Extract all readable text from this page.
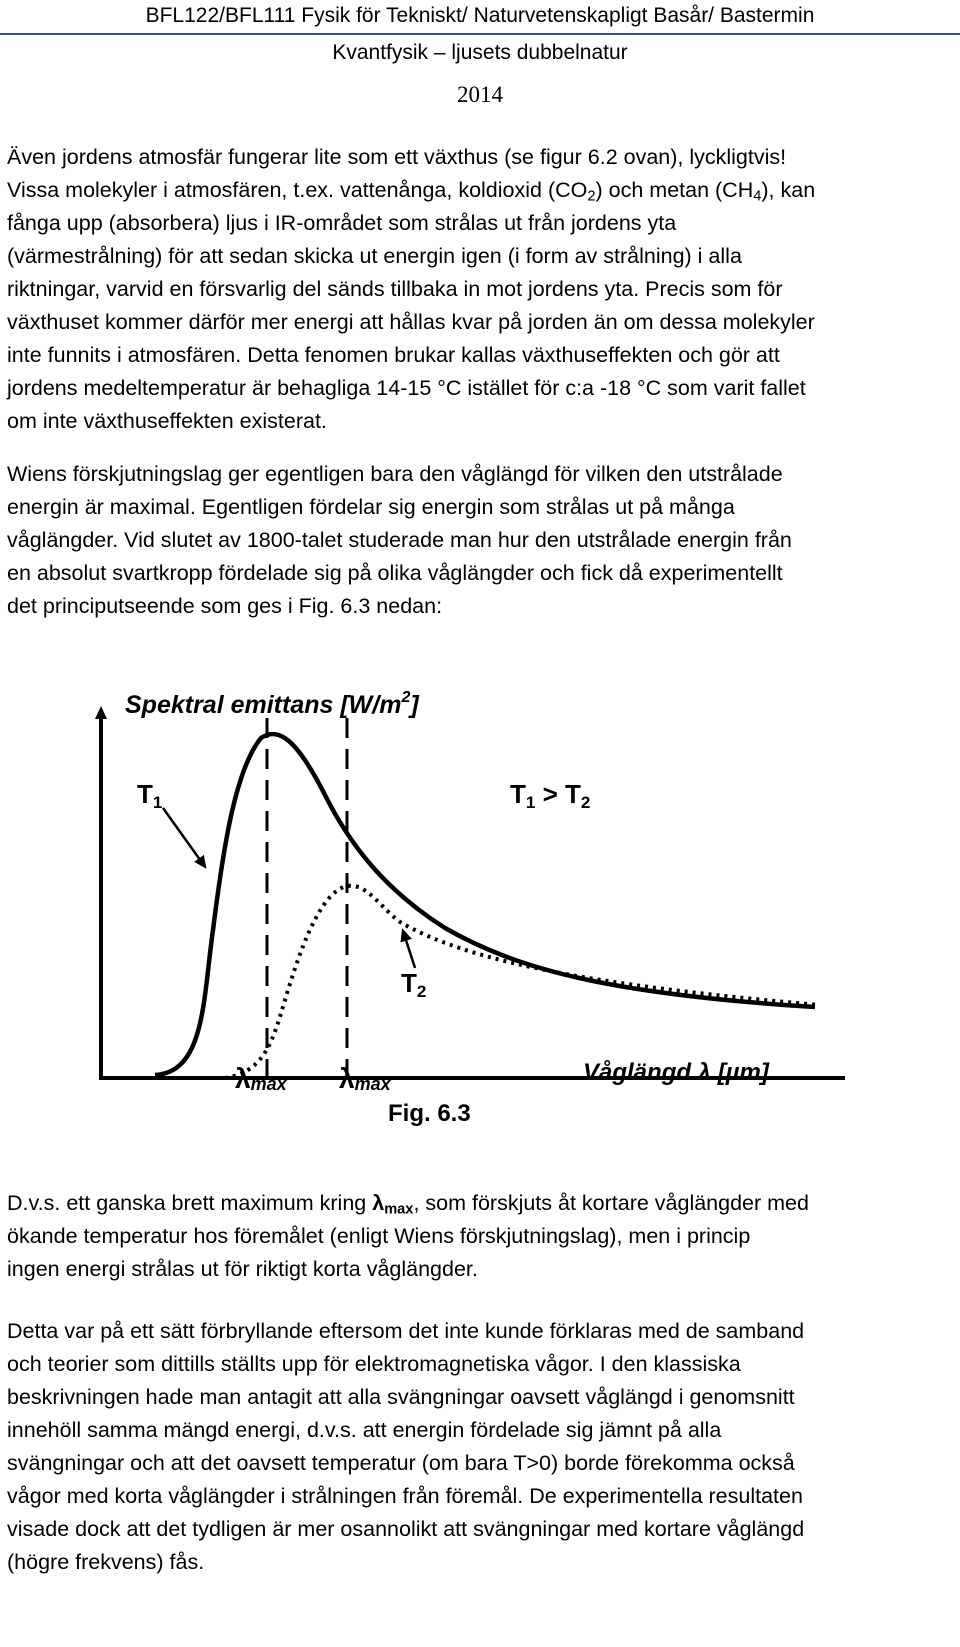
BFL122/BFL111 Fysik för Tekniskt/ Naturvetenskapligt Basår/ Bastermin
Kvantfysik – ljusets dubbelnatur
2014
Även jordens atmosfär fungerar lite som ett växthus (se figur 6.2 ovan), lyckligtvis!
Vissa molekyler i atmosfären, t.ex. vattenånga, koldioxid $(CO_2)$ och metan $(CH_4)$, kan
fånga upp (absorbera) ljus i IR-området som strålas ut från jordens yta
(värmestrålning) för att sedan skicka ut energin igen (i form av strålning) i alla
riktningar, varvid en försvarlig del sänds tillbaka in mot jordens yta. Precis som för
växthuset kommer därför mer energi att hållas kvar på jorden än om dessa molekyler
inte funnits i atmosfären. Detta fenomen brukar kallas växthuseffekten och gör att
jordens medeltemperatur är behagliga 14-15 °C istället för c:a -18 °C som varit fallet
om inte växthuseffekten existerat.
Wiens förskjutningslag ger egentligen bara den våglängd för vilken den utstrålade
energin är maximal. Egentligen fördelar sig energin som strålas ut på många
våglängder. Vid slutet av 1800-talet studerade man hur den utstrålade energin från
en absolut svartkropp fördelade sig på olika våglängder och fick då experimentellt
det principutseende som ges i Fig. 6.3 nedan:
Spektral emittans $[W/m^2]$
T1	T1 > T2
T2
λmax λmax	Våglängd λ [µm]
Fig. 6.3
D.v.s. ett ganska brett maximum kring $\lambda_{max}$, som förskjuts åt kortare våglängder med
ökande temperatur hos föremålet (enligt Wiens förskjutningslag), men i princip
ingen energi strålas ut för riktigt korta våglängder.
Detta var på ett sätt förbryllande eftersom det inte kunde förklaras med de samband
och teorier som dittills ställts upp för elektromagnetiska vågor. I den klassiska
beskrivningen hade man antagit att alla svängningar oavsett våglängd i genomsnitt
innehöll samma mängd energi, d.v.s. att energin fördelade sig jämnt på alla
svängningar och att det oavsett temperatur (om bara T>0) borde förekomma också
vågor med korta våglängder i strålningen från föremål. De experimentella resultaten
visade dock att det tydligen är mer osannolikt att svängningar med kortare våglängd
(högre frekvens) fås.
